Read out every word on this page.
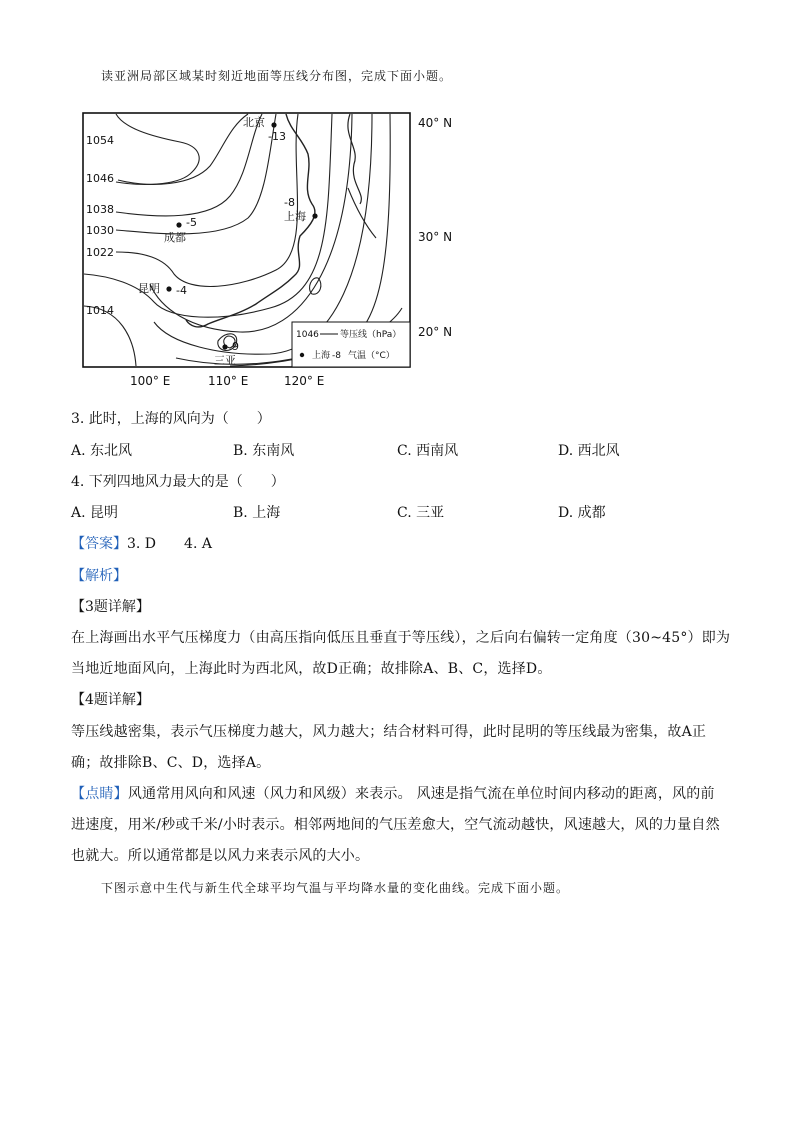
读亚洲局部区域某时刻近地面等压线分布图，完成下面小题。
1054
1046
1038
1030
1022
1014
北京
-13
上海
-8
成都
-5
昆明 -4
三亚
9
40° N
30° N
20° N
100° E	110° E	120° E
1046 等压线（hPa）
上海 -8 气温（°C）
3. 此时，上海的风向为（　　）
A. 东北风	B. 东南风	C. 西南风	D. 西北风
4. 下列四地风力最大的是（　　）
A. 昆明	B. 上海	C. 三亚	D. 成都
【答案】3. D　　4. A
【解析】
【3题详解】
在上海画出水平气压梯度力（由高压指向低压且垂直于等压线），之后向右偏转一定角度（30~45°）即为
当地近地面风向，上海此时为西北风，故D正确；故排除A、B、C，选择D。
【4题详解】
等压线越密集，表示气压梯度力越大，风力越大；结合材料可得，此时昆明的等压线最为密集，故A正
确；故排除B、C、D，选择A。
【点睛】风通常用风向和风速（风力和风级）来表示。 风速是指气流在单位时间内移动的距离，风的前
进速度，用米/秒或千米/小时表示。相邻两地间的气压差愈大，空气流动越快，风速越大，风的力量自然
也就大。所以通常都是以风力来表示风的大小。
下图示意中生代与新生代全球平均气温与平均降水量的变化曲线。完成下面小题。
